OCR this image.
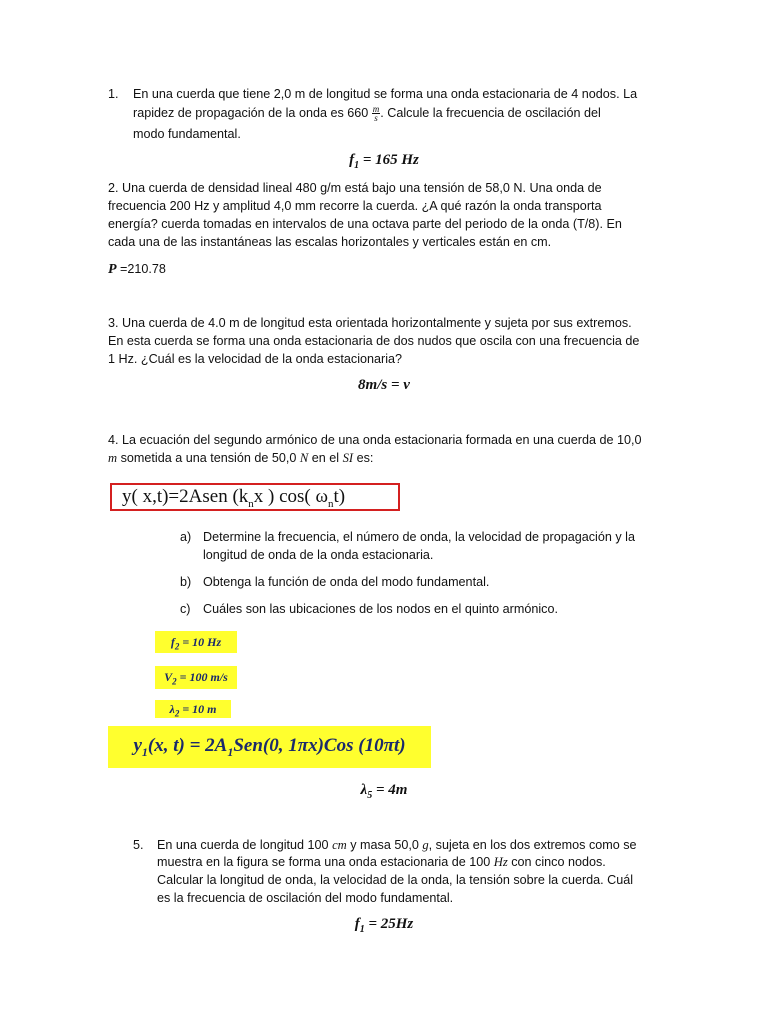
1. En una cuerda que tiene 2,0 m de longitud se forma una onda estacionaria de 4 nodos. La
rapidez de propagación de la onda es $660 \frac{m}{s}$ . Calcule la frecuencia de oscilación del
modo fundamental.
$f_1 = 165$ Hz
2. Una cuerda de densidad lineal 480 g/m está bajo una tensión de 58,0 N. Una onda de
frecuencia 200 Hz y amplitud 4,0 mm recorre la cuerda. ¿A qué razón la onda transporta
energía? cuerda tomadas en intervalos de una octava parte del periodo de la onda (T/8). En
cada una de las instantáneas las escalas horizontales y verticales están en cm.
P =210.78
3. Una cuerda de 4.0 m de longitud esta orientada horizontalmente y sujeta por sus extremos.
En esta cuerda se forma una onda estacionaria de dos nudos que oscila con una frecuencia de
1 Hz. ¿Cuál es la velocidad de la onda estacionaria?
8m/s = v
4. La ecuación del segundo armónico de una onda estacionaria formada en una cuerda de 10,0
m sometida a una tensión de 50,0 N en el SI es:
y( x,t)=2Asen ($k_nx$ ) cos( $\omega_nt$)
a) Determine la frecuencia, el número de onda, la velocidad de propagación y la
longitud de onda de la onda estacionaria.
b) Obtenga la función de onda del modo fundamental.
c) Cuáles son las ubicaciones de los nodos en el quinto armónico.
$f_2 = 10$ Hz
$V_2 = 100$ m/s
$\lambda_2 = 10$ m
$y_1(x$, $t) = 2A_1Sen(0$, 1πx)Cos (10πt)
$\lambda_5 = 4m$
5. En una cuerda de longitud 100 cm y masa 50,0 g, sujeta en los dos extremos como se
muestra en la figura se forma una onda estacionaria de 100 Hz con cinco nodos.
Calcular la longitud de onda, la velocidad de la onda, la tensión sobre la cuerda. Cuál
es la frecuencia de oscilación del modo fundamental.
$f_1 = 25Hz$
